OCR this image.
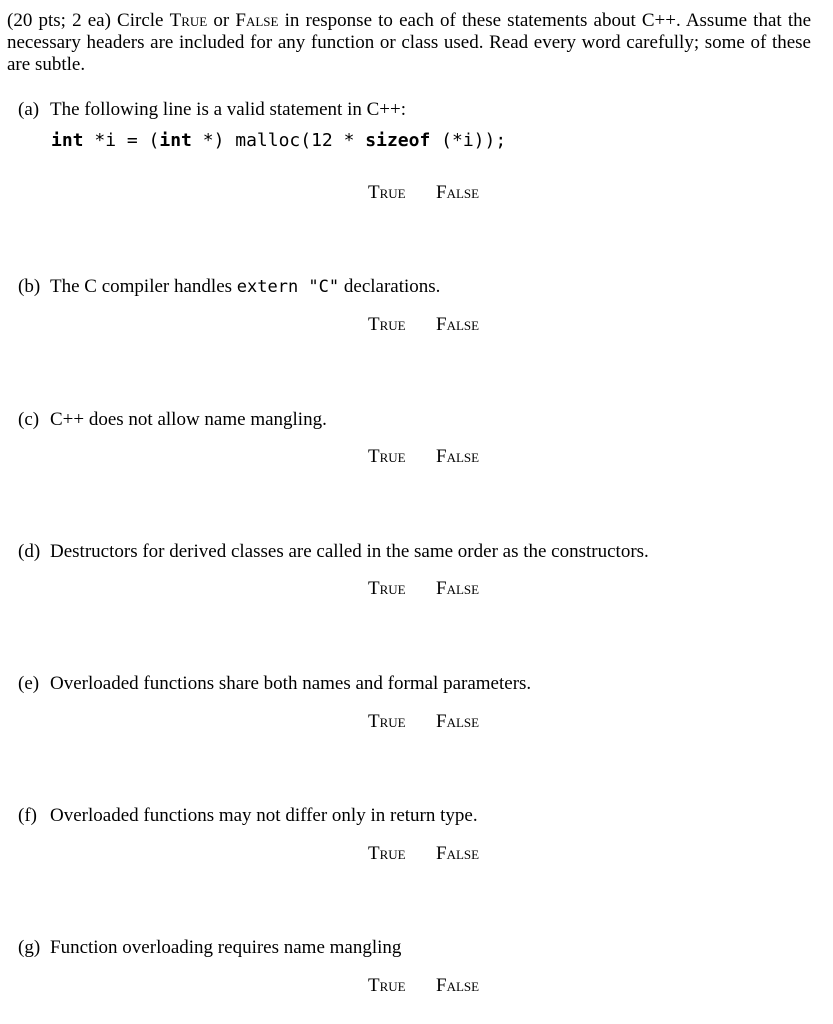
(20 pts; 2 ea) Circle True or False in response to each of these statements about C++. Assume that the necessary headers are included for any function or class used. Read every word carefully; some of these are subtle.
(a) The following line is a valid statement in C++:
int *i = (int *) malloc(12 * sizeof (*i));
True False
(b) The C compiler handles extern "C" declarations.
True False
(c) C++ does not allow name mangling.
True False
(d) Destructors for derived classes are called in the same order as the constructors.
True False
(e) Overloaded functions share both names and formal parameters.
True False
(f) Overloaded functions may not differ only in return type.
True False
(g) Function overloading requires name mangling
True False
